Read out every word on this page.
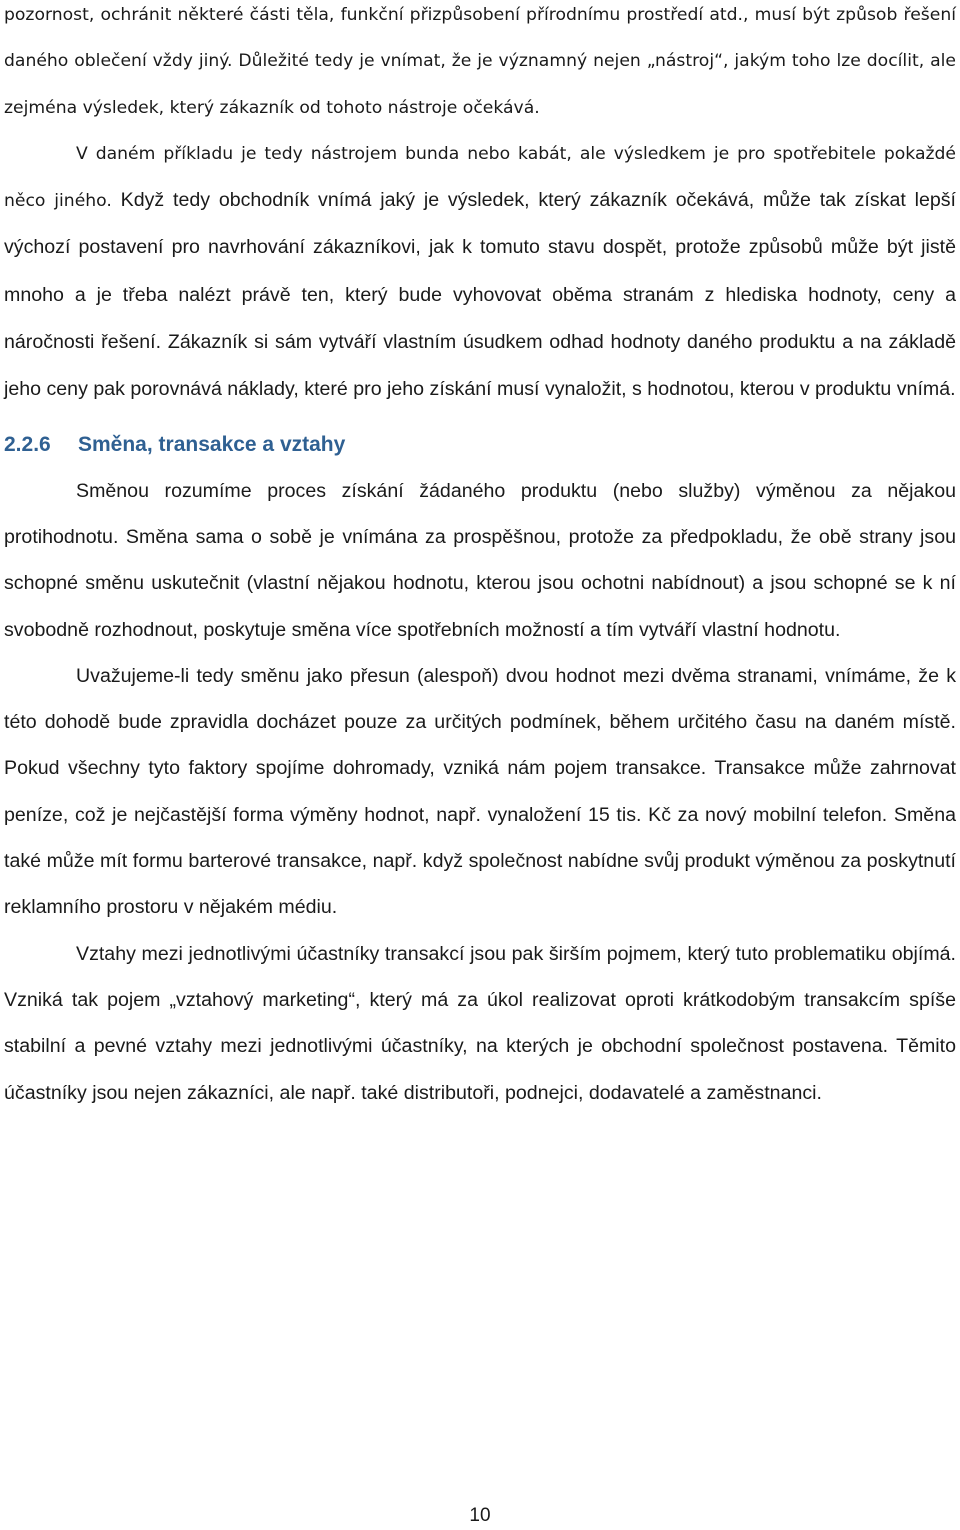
pozornost, ochránit některé části těla, funkční přizpůsobení přírodnímu prostředí atd., musí být způsob řešení daného oblečení vždy jiný. Důležité tedy je vnímat, že je významný nejen „nástroj“, jakým toho lze docílit, ale zejména výsledek, který zákazník od tohoto nástroje očekává.

V daném příkladu je tedy nástrojem bunda nebo kabát, ale výsledkem je pro spotřebitele pokaždé něco jiného. Když tedy obchodník vnímá jaký je výsledek, který zákazník očekává, může tak získat lepší výchozí postavení pro navrhování zákazníkovi, jak k tomuto stavu dospět, protože způsobů může být jistě mnoho a je třeba nalézt právě ten, který bude vyhovovat oběma stranám z hlediska hodnoty, ceny a náročnosti řešení. Zákazník si sám vytváří vlastním úsudkem odhad hodnoty daného produktu a na základě jeho ceny pak porovnává náklady, které pro jeho získání musí vynaložit, s hodnotou, kterou v produktu vnímá.

2.2.6 Směna, transakce a vztahy

Směnou rozumíme proces získání žádaného produktu (nebo služby) výměnou za nějakou protihodnotu. Směna sama o sobě je vnímána za prospěšnou, protože za předpokladu, že obě strany jsou schopné směnu uskutečnit (vlastní nějakou hodnotu, kterou jsou ochotni nabídnout) a jsou schopné se k ní svobodně rozhodnout, poskytuje směna více spotřebních možností a tím vytváří vlastní hodnotu.

Uvažujeme-li tedy směnu jako přesun (alespoň) dvou hodnot mezi dvěma stranami, vnímáme, že k této dohodě bude zpravidla docházet pouze za určitých podmínek, během určitého času na daném místě. Pokud všechny tyto faktory spojíme dohromady, vzniká nám pojem transakce. Transakce může zahrnovat peníze, což je nejčastější forma výměny hodnot, např. vynaložení 15 tis. Kč za nový mobilní telefon. Směna také může mít formu barterové transakce, např. když společnost nabídne svůj produkt výměnou za poskytnutí reklamního prostoru v nějakém médiu.

Vztahy mezi jednotlivými účastníky transakcí jsou pak širším pojmem, který tuto problematiku objímá. Vzniká tak pojem „vztahový marketing“, který má za úkol realizovat oproti krátkodobým transakcím spíše stabilní a pevné vztahy mezi jednotlivými účastníky, na kterých je obchodní společnost postavena. Těmito účastníky jsou nejen zákazníci, ale např. také distributoři, podnejci, dodavatelé a zaměstnanci.

10
